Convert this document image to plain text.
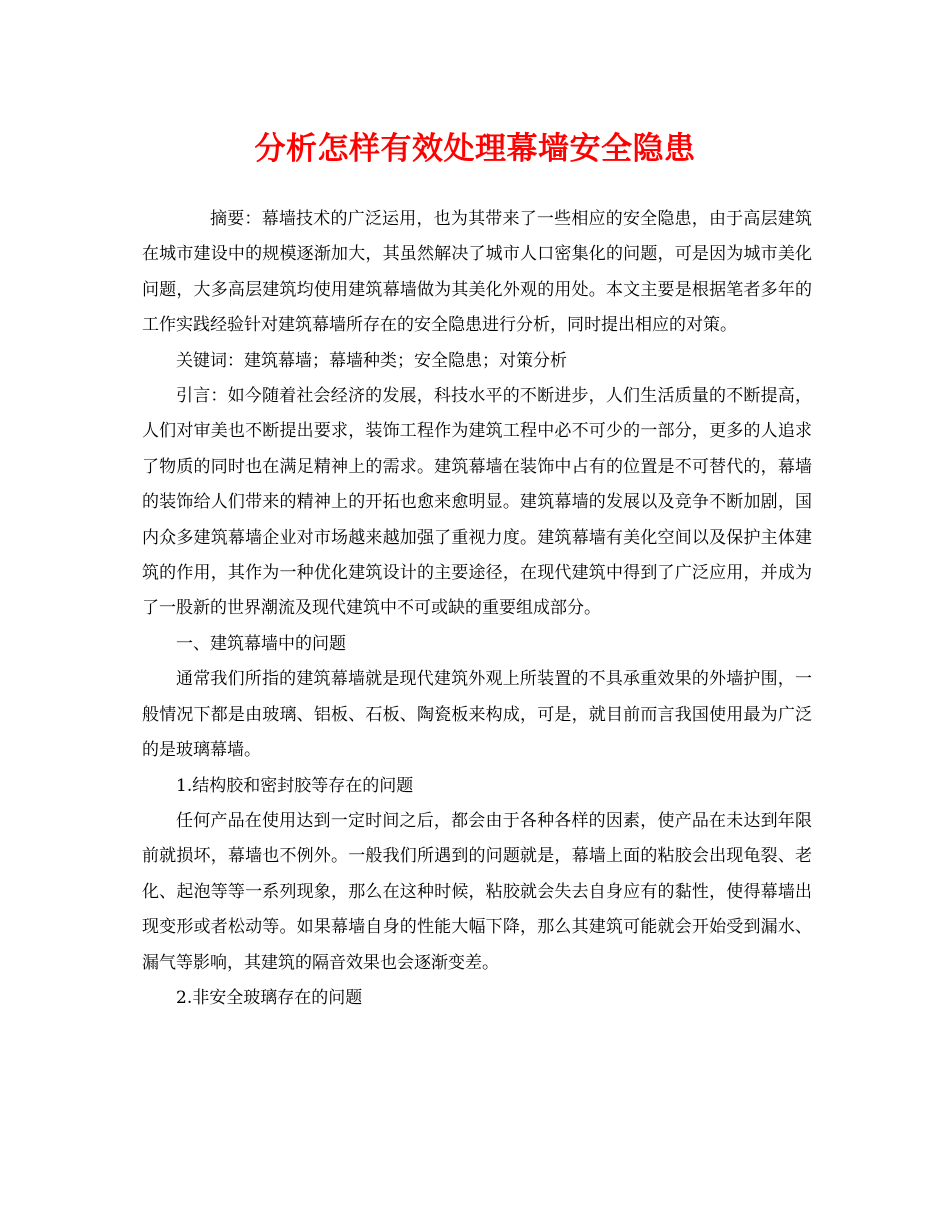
分析怎样有效处理幕墙安全隐患

摘要：幕墙技术的广泛运用，也为其带来了一些相应的安全隐患，由于高层建筑在城市建设中的规模逐渐加大，其虽然解决了城市人口密集化的问题，可是因为城市美化问题，大多高层建筑均使用建筑幕墙做为其美化外观的用处。本文主要是根据笔者多年的工作实践经验针对建筑幕墙所存在的安全隐患进行分析，同时提出相应的对策。

关键词：建筑幕墙；幕墙种类；安全隐患；对策分析

引言：如今随着社会经济的发展，科技水平的不断进步，人们生活质量的不断提高，人们对审美也不断提出要求，装饰工程作为建筑工程中必不可少的一部分，更多的人追求了物质的同时也在满足精神上的需求。建筑幕墙在装饰中占有的位置是不可替代的，幕墙的装饰给人们带来的精神上的开拓也愈来愈明显。建筑幕墙的发展以及竞争不断加剧，国内众多建筑幕墙企业对市场越来越加强了重视力度。建筑幕墙有美化空间以及保护主体建筑的作用，其作为一种优化建筑设计的主要途径，在现代建筑中得到了广泛应用，并成为了一股新的世界潮流及现代建筑中不可或缺的重要组成部分。

一、建筑幕墙中的问题

通常我们所指的建筑幕墙就是现代建筑外观上所装置的不具承重效果的外墙护围，一般情况下都是由玻璃、铝板、石板、陶瓷板来构成，可是，就目前而言我国使用最为广泛的是玻璃幕墙。

1.结构胶和密封胶等存在的问题

任何产品在使用达到一定时间之后，都会由于各种各样的因素，使产品在未达到年限前就损坏，幕墙也不例外。一般我们所遇到的问题就是，幕墙上面的粘胶会出现龟裂、老化、起泡等等一系列现象，那么在这种时候，粘胶就会失去自身应有的黏性，使得幕墙出现变形或者松动等。如果幕墙自身的性能大幅下降，那么其建筑可能就会开始受到漏水、漏气等影响，其建筑的隔音效果也会逐渐变差。

2.非安全玻璃存在的问题
